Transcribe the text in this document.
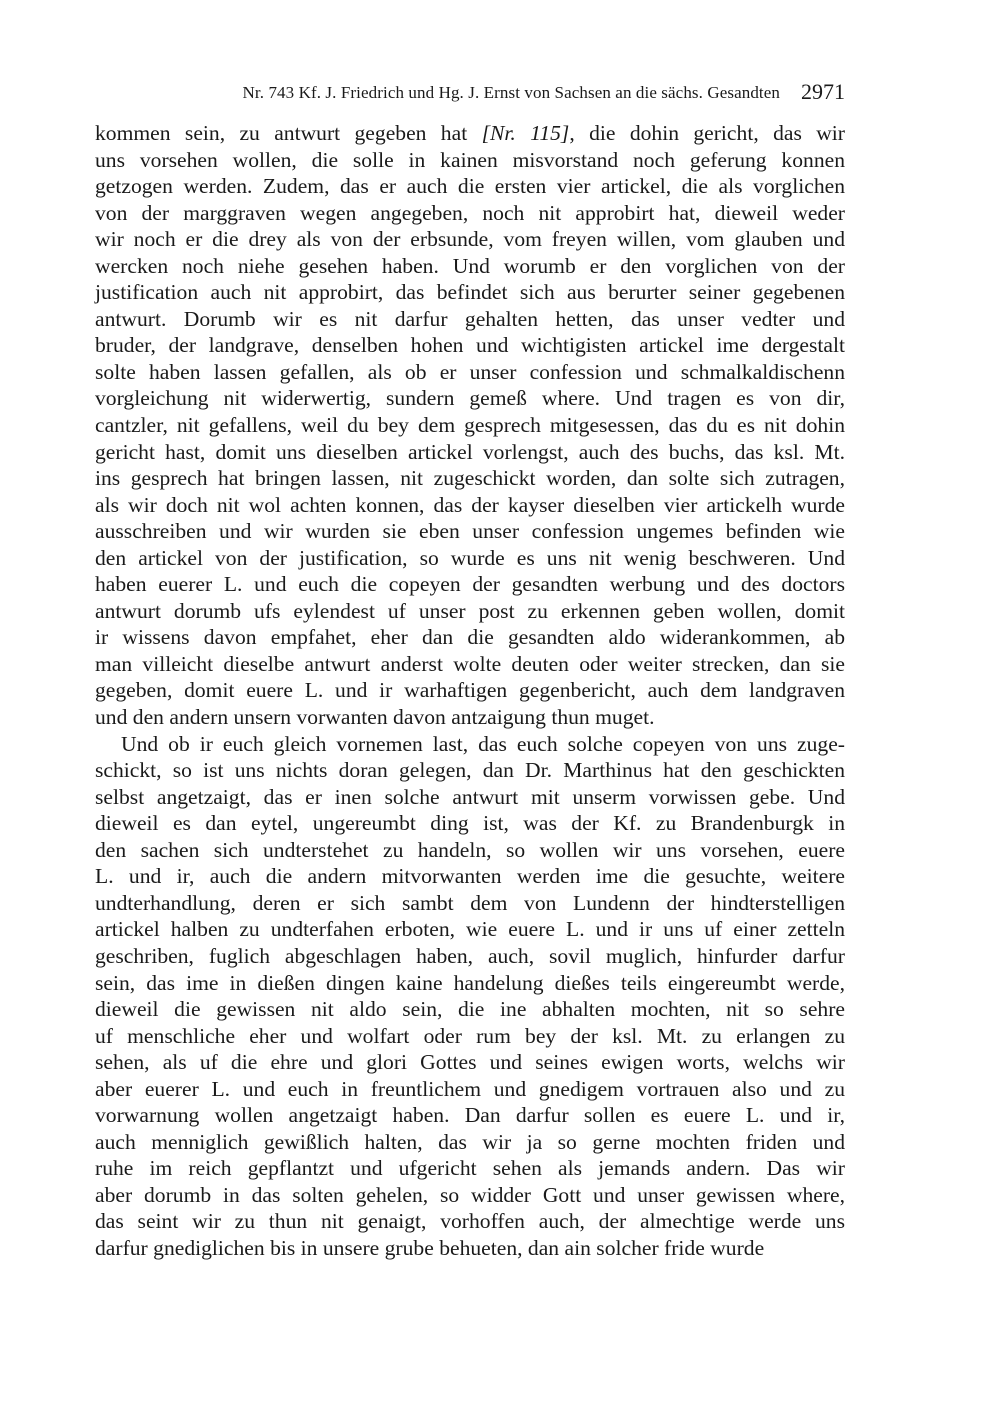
Nr. 743 Kf. J. Friedrich und Hg. J. Ernst von Sachsen an die sächs. Gesandten 2971
kommen sein, zu antwurt gegeben hat [Nr. 115], die dohin gericht, das wir
uns vorsehen wollen, die solle in kainen misvorstand noch geferung konnen
getzogen werden. Zudem, das er auch die ersten vier artickel, die als vorglichen
von der marggraven wegen angegeben, noch nit approbirt hat, dieweil weder
wir noch er die drey als von der erbsunde, vom freyen willen, vom glauben und
wercken noch niehe gesehen haben. Und worumb er den vorglichen von der
justification auch nit approbirt, das befindet sich aus berurter seiner gegebenen
antwurt. Dorumb wir es nit darfur gehalten hetten, das unser vedter und
bruder, der landgrave, denselben hohen und wichtigisten artickel ime dergestalt
solte haben lassen gefallen, als ob er unser confession und schmalkaldischenn
vorgleichung nit widerwertig, sundern gemeß where. Und tragen es von dir,
cantzler, nit gefallens, weil du bey dem gesprech mitgesessen, das du es nit dohin
gericht hast, domit uns dieselben artickel vorlengst, auch des buchs, das ksl. Mt.
ins gesprech hat bringen lassen, nit zugeschickt worden, dan solte sich zutragen,
als wir doch nit wol achten konnen, das der kayser dieselben vier artickelh wurde
ausschreiben und wir wurden sie eben unser confession ungemes befinden wie
den artickel von der justification, so wurde es uns nit wenig beschweren. Und
haben euerer L. und euch die copeyen der gesandten werbung und des doctors
antwurt dorumb ufs eylendest uf unser post zu erkennen geben wollen, domit
ir wissens davon empfahet, eher dan die gesandten aldo widerankommen, ab
man villeicht dieselbe antwurt anderst wolte deuten oder weiter strecken, dan sie
gegeben, domit euere L. und ir warhaftigen gegenbericht, auch dem landgraven
und den andern unsern vorwanten davon antzaigung thun muget.
Und ob ir euch gleich vornemen last, das euch solche copeyen von uns zuge-
schickt, so ist uns nichts doran gelegen, dan Dr. Marthinus hat den geschickten
selbst angetzaigt, das er inen solche antwurt mit unserm vorwissen gebe. Und
dieweil es dan eytel, ungereumbt ding ist, was der Kf. zu Brandenburgk in
den sachen sich undterstehet zu handeln, so wollen wir uns vorsehen, euere
L. und ir, auch die andern mitvorwanten werden ime die gesuchte, weitere
undterhandlung, deren er sich sambt dem von Lundenn der hindterstelligen
artickel halben zu undterfahen erboten, wie euere L. und ir uns uf einer zetteln
geschriben, fuglich abgeschlagen haben, auch, sovil muglich, hinfurder darfur
sein, das ime in dießen dingen kaine handelung dießes teils eingereumbt werde,
dieweil die gewissen nit aldo sein, die ine abhalten mochten, nit so sehre
uf menschliche eher und wolfart oder rum bey der ksl. Mt. zu erlangen zu
sehen, als uf die ehre und glori Gottes und seines ewigen worts, welchs wir
aber euerer L. und euch in freuntlichem und gnedigem vortrauen also und zu
vorwarnung wollen angetzaigt haben. Dan darfur sollen es euere L. und ir,
auch menniglich gewißlich halten, das wir ja so gerne mochten friden und
ruhe im reich gepflantzt und ufgericht sehen als jemands andern. Das wir
aber dorumb in das solten gehelen, so widder Gott und unser gewissen where,
das seint wir zu thun nit genaigt, vorhoffen auch, der almechtige werde uns
darfur gnediglichen bis in unsere grube behueten, dan ain solcher fride wurde
